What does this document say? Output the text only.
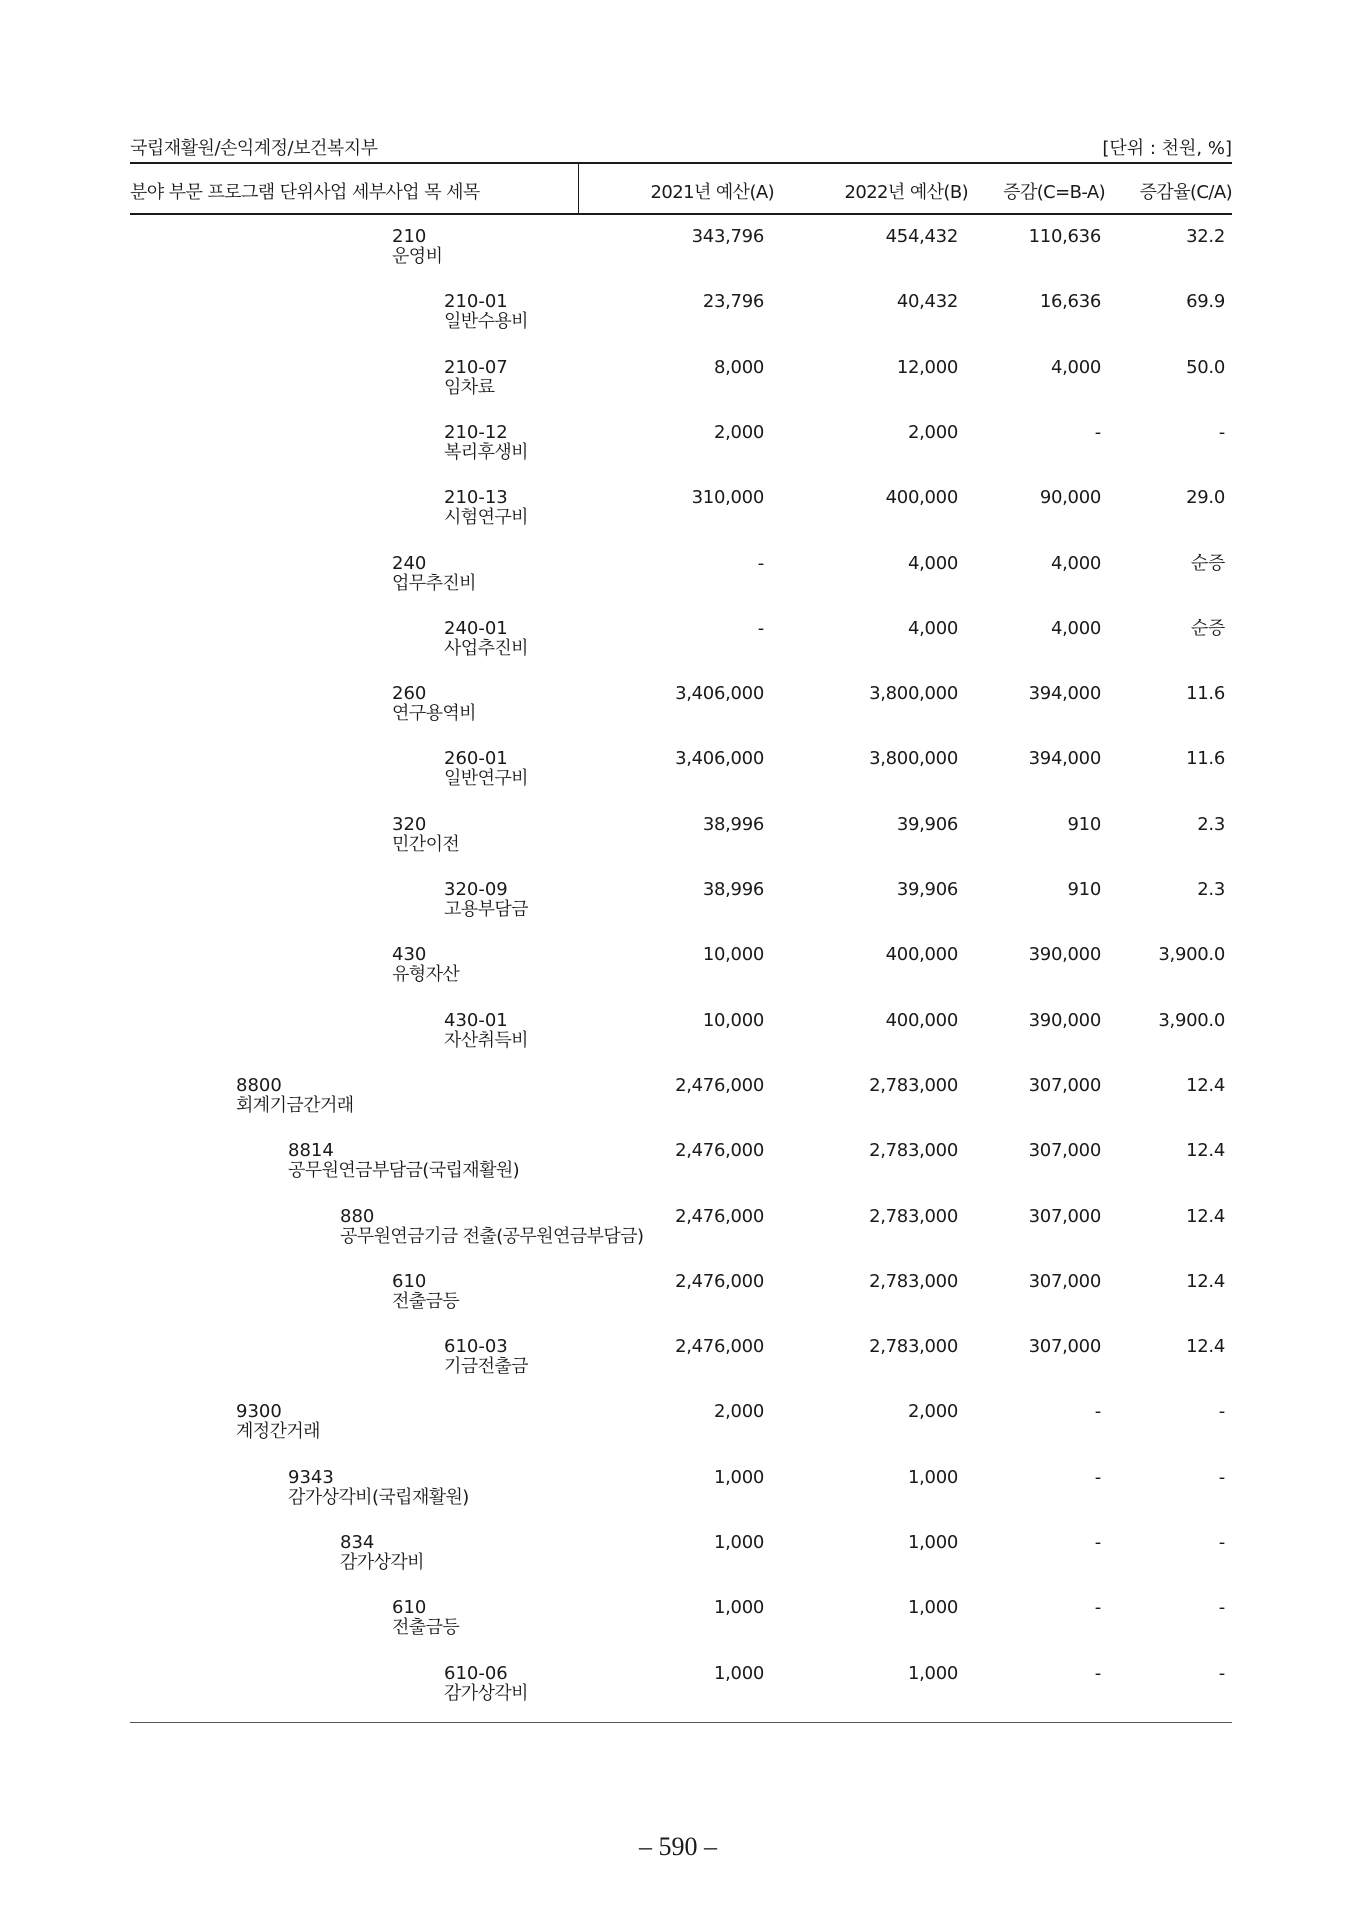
국립재활원/손익계정/보건복지부	[단위 : 천원, %]
분야 부문 프로그램 단위사업 세부사업 목 세목	2021년 예산(A)	2022년 예산(B) 증감(C=B-A) 증감율(C/A)
210
운영비
343,796	454,432	110,636	32.2
210-01
일반수용비
23,796	40,432	16,636	69.9
210-07
임차료
8,000	12,000	4,000	50.0
210-12
복리후생비
2,000	2,000	-	-
210-13
시험연구비
310,000	400,000	90,000	29.0
240
업무추진비
-	4,000	4,000	순증
240-01
사업추진비
-	4,000	4,000	순증
260
연구용역비
3,406,000	3,800,000	394,000	11.6
260-01
일반연구비
3,406,000	3,800,000	394,000	11.6
320
민간이전
38,996	39,906	910	2.3
320-09
고용부담금
38,996	39,906	910	2.3
430
유형자산
10,000	400,000	390,000	3,900.0
430-01
자산취득비
10,000	400,000	390,000	3,900.0
8800
회계기금간거래
2,476,000	2,783,000	307,000	12.4
8814
공무원연금부담금(국립재활원)
2,476,000	2,783,000	307,000	12.4
880
공무원연금기금 전출(공무원연금부담금)
2,476,000	2,783,000	307,000	12.4
610
전출금등
2,476,000	2,783,000	307,000	12.4
610-03
기금전출금
2,476,000	2,783,000	307,000	12.4
9300
계정간거래
2,000	2,000	-	-
9343
감가상각비(국립재활원)
1,000	1,000	-	-
834
감가상각비
1,000	1,000	-	-
610
전출금등
1,000	1,000	-	-
610-06
감가상각비
1,000	1,000	-	-
– 590 –
